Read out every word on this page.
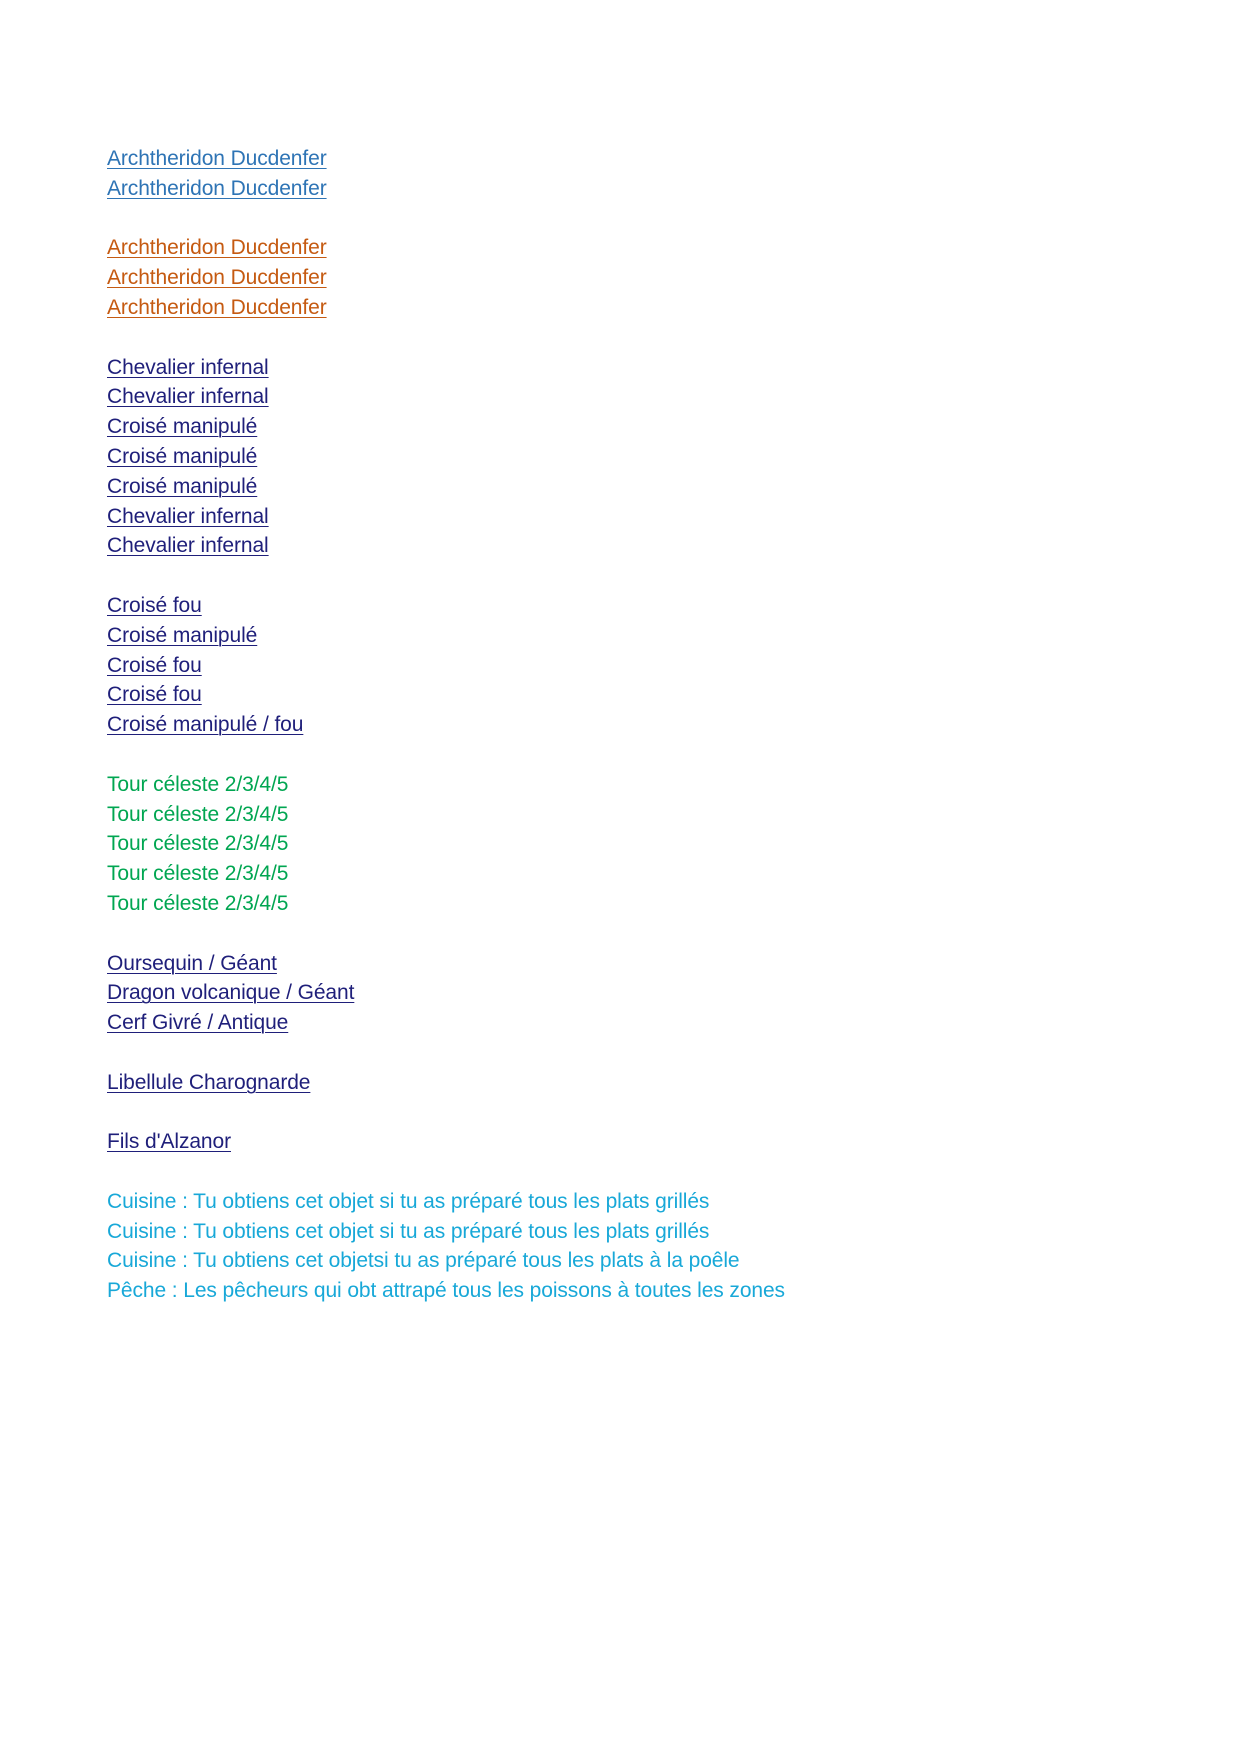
Archtheridon Ducdenfer
Archtheridon Ducdenfer
Archtheridon Ducdenfer
Archtheridon Ducdenfer
Archtheridon Ducdenfer
Chevalier infernal
Chevalier infernal
Croisé manipulé
Croisé manipulé
Croisé manipulé
Chevalier infernal
Chevalier infernal
Croisé fou
Croisé manipulé
Croisé fou
Croisé fou
Croisé manipulé / fou
Tour céleste 2/3/4/5
Tour céleste 2/3/4/5
Tour céleste 2/3/4/5
Tour céleste 2/3/4/5
Tour céleste 2/3/4/5
Oursequin / Géant
Dragon volcanique / Géant
Cerf Givré / Antique
Libellule Charognarde
Fils d'Alzanor
Cuisine : Tu obtiens cet objet si tu as préparé tous les plats grillés
Cuisine : Tu obtiens cet objet si tu as préparé tous les plats grillés
Cuisine : Tu obtiens cet objetsi tu as préparé tous les plats à la poêle
Pêche : Les pêcheurs qui obt attrapé tous les poissons à toutes les zones
